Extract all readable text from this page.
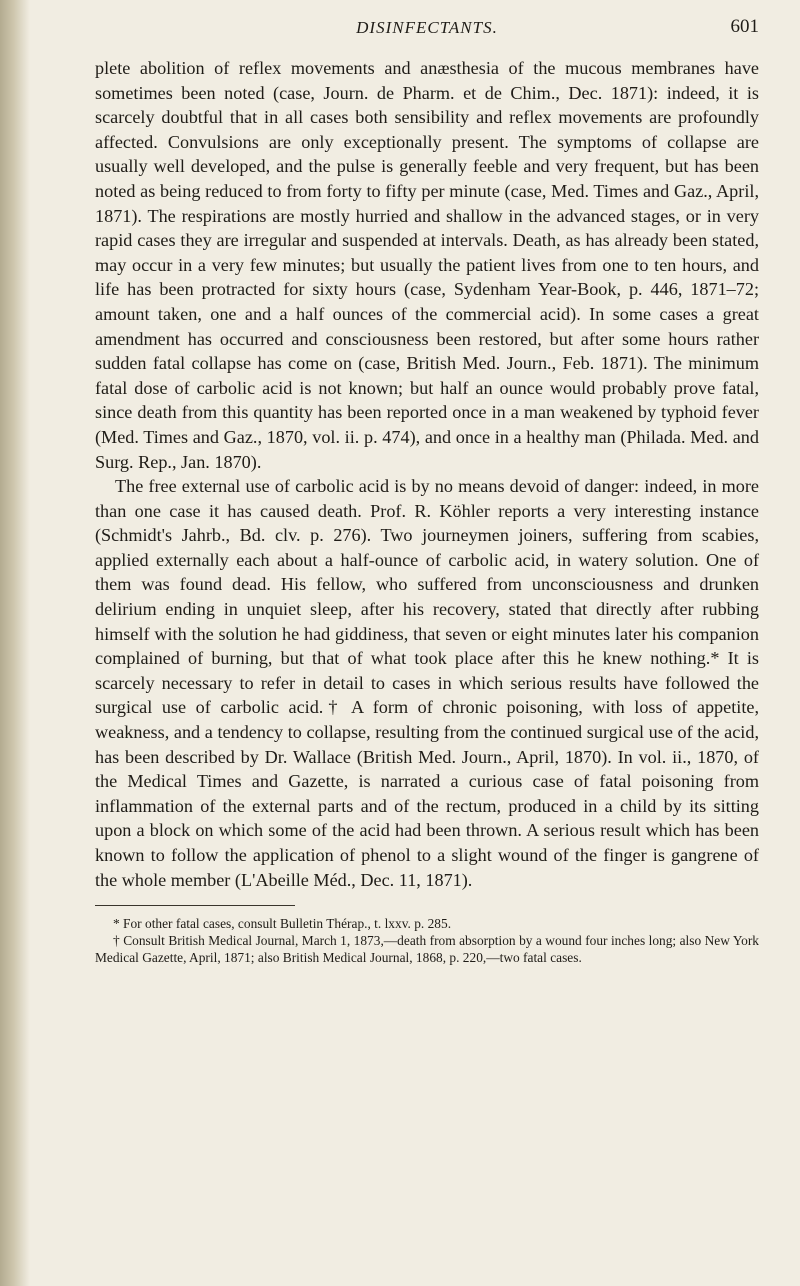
DISINFECTANTS.	601

plete abolition of reflex movements and anæsthesia of the mucous membranes have sometimes been noted (case, Journ. de Pharm. et de Chim., Dec. 1871): indeed, it is scarcely doubtful that in all cases both sensibility and reflex movements are profoundly affected. Convulsions are only exceptionally present. The symptoms of collapse are usually well developed, and the pulse is generally feeble and very frequent, but has been noted as being reduced to from forty to fifty per minute (case, Med. Times and Gaz., April, 1871). The respirations are mostly hurried and shallow in the advanced stages, or in very rapid cases they are irregular and suspended at intervals. Death, as has already been stated, may occur in a very few minutes; but usually the patient lives from one to ten hours, and life has been protracted for sixty hours (case, Sydenham Year-Book, p. 446, 1871–72; amount taken, one and a half ounces of the commercial acid). In some cases a great amendment has occurred and consciousness been restored, but after some hours rather sudden fatal collapse has come on (case, British Med. Journ., Feb. 1871). The minimum fatal dose of carbolic acid is not known; but half an ounce would probably prove fatal, since death from this quantity has been reported once in a man weakened by typhoid fever (Med. Times and Gaz., 1870, vol. ii. p. 474), and once in a healthy man (Philada. Med. and Surg. Rep., Jan. 1870).

The free external use of carbolic acid is by no means devoid of danger: indeed, in more than one case it has caused death. Prof. R. Köhler reports a very interesting instance (Schmidt's Jahrb., Bd. clv. p. 276). Two journeymen joiners, suffering from scabies, applied externally each about a half-ounce of carbolic acid, in watery solution. One of them was found dead. His fellow, who suffered from unconsciousness and drunken delirium ending in unquiet sleep, after his recovery, stated that directly after rubbing himself with the solution he had giddiness, that seven or eight minutes later his companion complained of burning, but that of what took place after this he knew nothing.* It is scarcely necessary to refer in detail to cases in which serious results have followed the surgical use of carbolic acid.† A form of chronic poisoning, with loss of appetite, weakness, and a tendency to collapse, resulting from the continued surgical use of the acid, has been described by Dr. Wallace (British Med. Journ., April, 1870). In vol. ii., 1870, of the Medical Times and Gazette, is narrated a curious case of fatal poisoning from inflammation of the external parts and of the rectum, produced in a child by its sitting upon a block on which some of the acid had been thrown. A serious result which has been known to follow the application of phenol to a slight wound of the finger is gangrene of the whole member (L'Abeille Méd., Dec. 11, 1871).

* For other fatal cases, consult Bulletin Thérap., t. lxxv. p. 285.

† Consult British Medical Journal, March 1, 1873,—death from absorption by a wound four inches long; also New York Medical Gazette, April, 1871; also British Medical Journal, 1868, p. 220,—two fatal cases.
